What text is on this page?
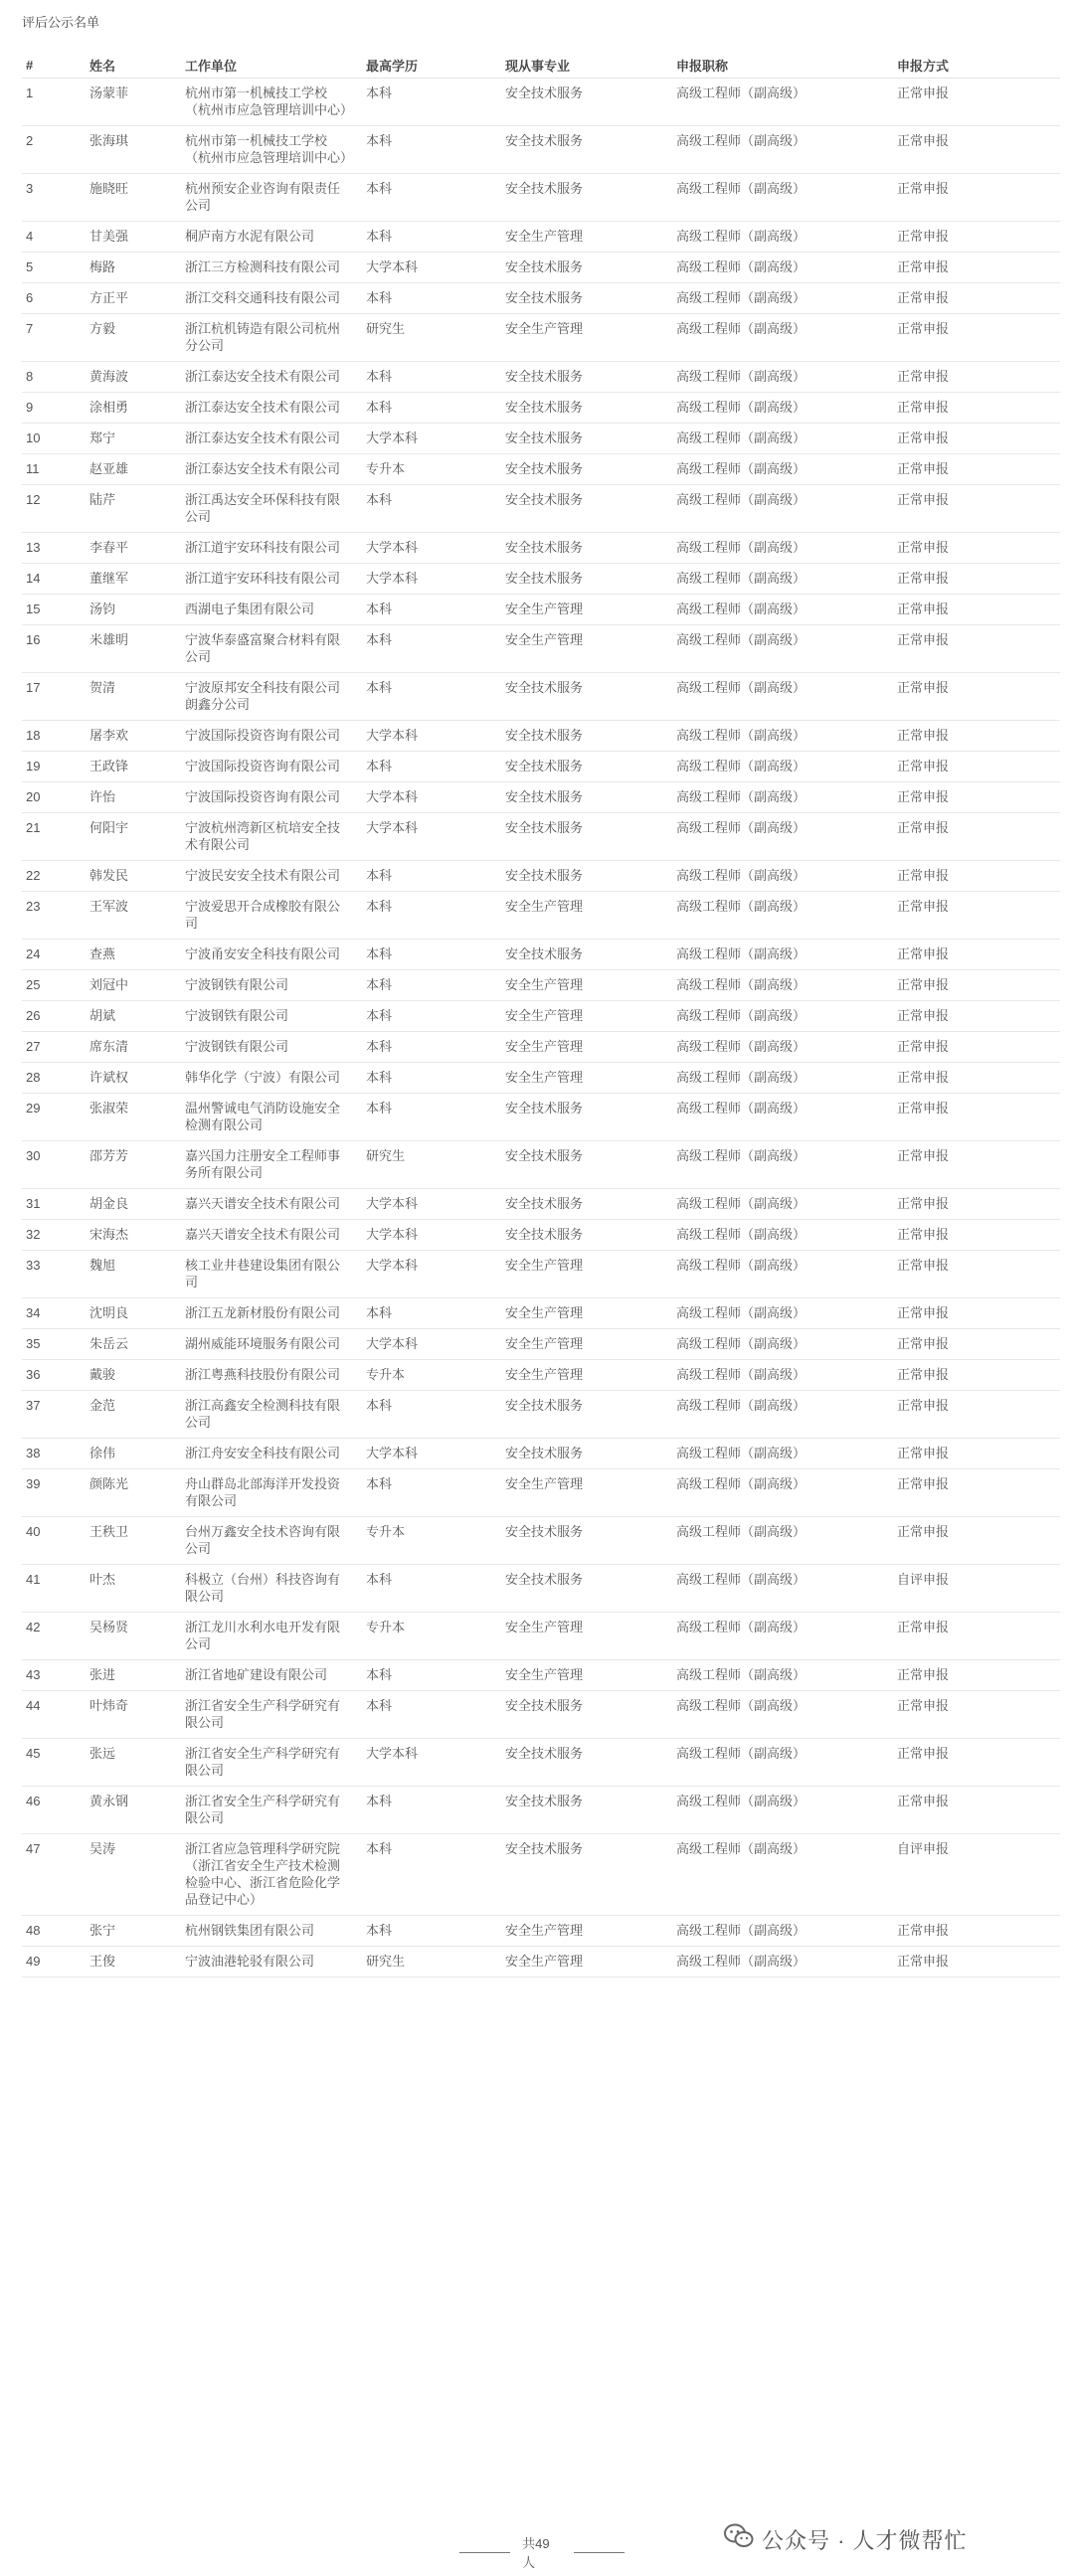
评后公示名单
#	姓名	工作单位	最高学历	现从事专业	申报职称	申报方式
1	汤蒙菲	杭州市第一机械技工学校（杭州市应急管理培训中心）	本科	安全技术服务	高级工程师（副高级）	正常申报
2	张海琪	杭州市第一机械技工学校（杭州市应急管理培训中心）	本科	安全技术服务	高级工程师（副高级）	正常申报
3	施晓旺	杭州预安企业咨询有限责任公司	本科	安全技术服务	高级工程师（副高级）	正常申报
4	甘美强	桐庐南方水泥有限公司	本科	安全生产管理	高级工程师（副高级）	正常申报
5	梅路	浙江三方检测科技有限公司	大学本科	安全技术服务	高级工程师（副高级）	正常申报
6	方正平	浙江交科交通科技有限公司	本科	安全技术服务	高级工程师（副高级）	正常申报
7	方毅	浙江杭机铸造有限公司杭州分公司	研究生	安全生产管理	高级工程师（副高级）	正常申报
8	黄海波	浙江泰达安全技术有限公司	本科	安全技术服务	高级工程师（副高级）	正常申报
9	涂相勇	浙江泰达安全技术有限公司	本科	安全技术服务	高级工程师（副高级）	正常申报
10	郑宁	浙江泰达安全技术有限公司	大学本科	安全技术服务	高级工程师（副高级）	正常申报
11	赵亚雄	浙江泰达安全技术有限公司	专升本	安全技术服务	高级工程师（副高级）	正常申报
12	陆芹	浙江禹达安全环保科技有限公司	本科	安全技术服务	高级工程师（副高级）	正常申报
13	李春平	浙江道宇安环科技有限公司	大学本科	安全技术服务	高级工程师（副高级）	正常申报
14	董继军	浙江道宇安环科技有限公司	大学本科	安全技术服务	高级工程师（副高级）	正常申报
15	汤钧	西湖电子集团有限公司	本科	安全生产管理	高级工程师（副高级）	正常申报
16	米雄明	宁波华泰盛富聚合材料有限公司	本科	安全生产管理	高级工程师（副高级）	正常申报
17	贺清	宁波原邦安全科技有限公司朗鑫分公司	本科	安全技术服务	高级工程师（副高级）	正常申报
18	屠李欢	宁波国际投资咨询有限公司	大学本科	安全技术服务	高级工程师（副高级）	正常申报
19	王政锋	宁波国际投资咨询有限公司	本科	安全技术服务	高级工程师（副高级）	正常申报
20	许怡	宁波国际投资咨询有限公司	大学本科	安全技术服务	高级工程师（副高级）	正常申报
21	何阳宇	宁波杭州湾新区杭培安全技术有限公司	大学本科	安全技术服务	高级工程师（副高级）	正常申报
22	韩发民	宁波民安安全技术有限公司	本科	安全技术服务	高级工程师（副高级）	正常申报
23	王军波	宁波爱思开合成橡胶有限公司	本科	安全生产管理	高级工程师（副高级）	正常申报
24	查燕	宁波甬安安全科技有限公司	本科	安全技术服务	高级工程师（副高级）	正常申报
25	刘冠中	宁波钢铁有限公司	本科	安全生产管理	高级工程师（副高级）	正常申报
26	胡斌	宁波钢铁有限公司	本科	安全生产管理	高级工程师（副高级）	正常申报
27	席东清	宁波钢铁有限公司	本科	安全生产管理	高级工程师（副高级）	正常申报
28	许斌权	韩华化学（宁波）有限公司	本科	安全生产管理	高级工程师（副高级）	正常申报
29	张淑荣	温州警诚电气消防设施安全检测有限公司	本科	安全技术服务	高级工程师（副高级）	正常申报
30	邵芳芳	嘉兴国力注册安全工程师事务所有限公司	研究生	安全技术服务	高级工程师（副高级）	正常申报
31	胡金良	嘉兴天谱安全技术有限公司	大学本科	安全技术服务	高级工程师（副高级）	正常申报
32	宋海杰	嘉兴天谱安全技术有限公司	大学本科	安全技术服务	高级工程师（副高级）	正常申报
33	魏旭	核工业井巷建设集团有限公司	大学本科	安全生产管理	高级工程师（副高级）	正常申报
34	沈明良	浙江五龙新材股份有限公司	本科	安全生产管理	高级工程师（副高级）	正常申报
35	朱岳云	湖州威能环境服务有限公司	大学本科	安全生产管理	高级工程师（副高级）	正常申报
36	戴骏	浙江粤燕科技股份有限公司	专升本	安全生产管理	高级工程师（副高级）	正常申报
37	金范	浙江高鑫安全检测科技有限公司	本科	安全技术服务	高级工程师（副高级）	正常申报
38	徐伟	浙江舟安安全科技有限公司	大学本科	安全技术服务	高级工程师（副高级）	正常申报
39	颜陈光	舟山群岛北部海洋开发投资有限公司	本科	安全生产管理	高级工程师（副高级）	正常申报
40	王秩卫	台州万鑫安全技术咨询有限公司	专升本	安全技术服务	高级工程师（副高级）	正常申报
41	叶杰	科极立（台州）科技咨询有限公司	本科	安全技术服务	高级工程师（副高级）	自评申报
42	吴杨贤	浙江龙川水利水电开发有限公司	专升本	安全生产管理	高级工程师（副高级）	正常申报
43	张进	浙江省地矿建设有限公司	本科	安全生产管理	高级工程师（副高级）	正常申报
44	叶炜奇	浙江省安全生产科学研究有限公司	本科	安全技术服务	高级工程师（副高级）	正常申报
45	张远	浙江省安全生产科学研究有限公司	大学本科	安全技术服务	高级工程师（副高级）	正常申报
46	黄永钢	浙江省安全生产科学研究有限公司	本科	安全技术服务	高级工程师（副高级）	正常申报
47	吴涛	浙江省应急管理科学研究院（浙江省安全生产技术检测检验中心、浙江省危险化学品登记中心）	本科	安全技术服务	高级工程师（副高级）	自评申报
48	张宁	杭州钢铁集团有限公司	本科	安全生产管理	高级工程师（副高级）	正常申报
49	王俊	宁波油港轮驳有限公司	研究生	安全生产管理	高级工程师（副高级）	正常申报
共49人
公众号 · 人才微帮忙
